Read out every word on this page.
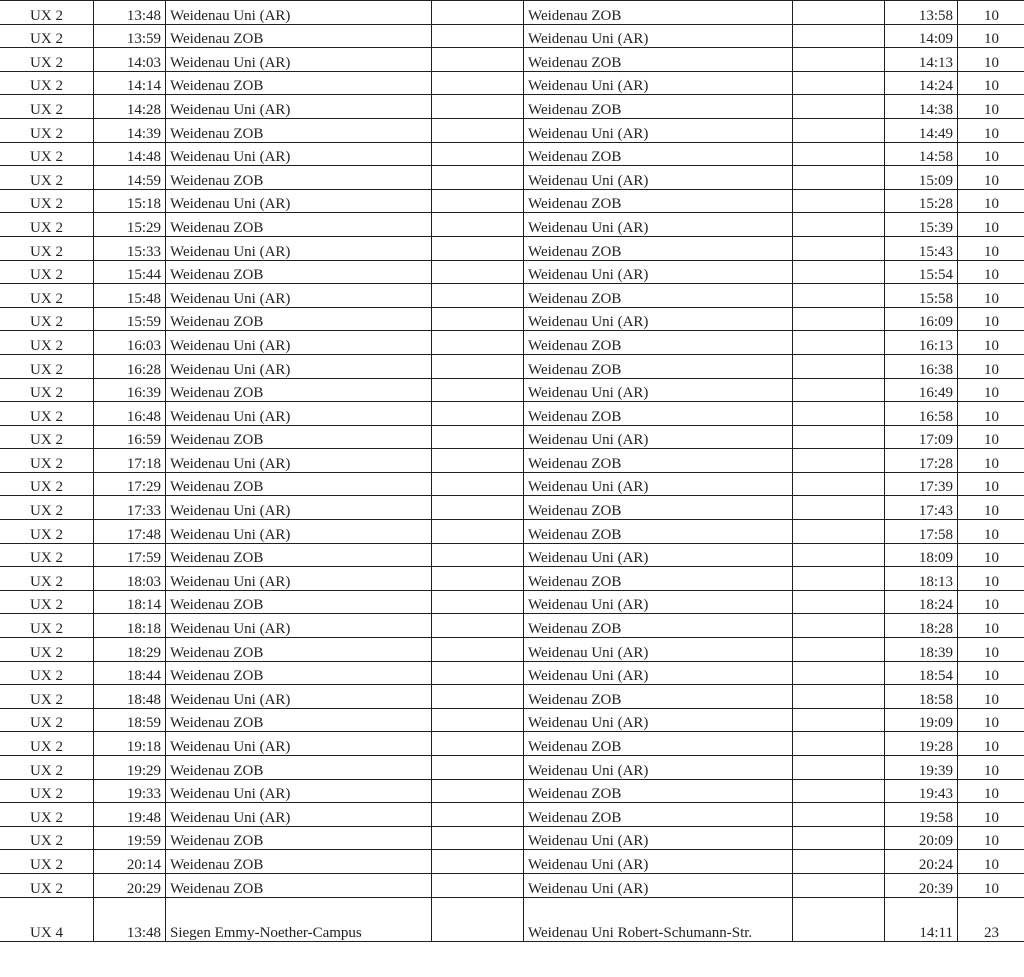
UX 2	13:48	Weidenau Uni (AR)		Weidenau ZOB		13:58	10
UX 2	13:59	Weidenau ZOB		Weidenau Uni (AR)		14:09	10
UX 2	14:03	Weidenau Uni (AR)		Weidenau ZOB		14:13	10
UX 2	14:14	Weidenau ZOB		Weidenau Uni (AR)		14:24	10
UX 2	14:28	Weidenau Uni (AR)		Weidenau ZOB		14:38	10
UX 2	14:39	Weidenau ZOB		Weidenau Uni (AR)		14:49	10
UX 2	14:48	Weidenau Uni (AR)		Weidenau ZOB		14:58	10
UX 2	14:59	Weidenau ZOB		Weidenau Uni (AR)		15:09	10
UX 2	15:18	Weidenau Uni (AR)		Weidenau ZOB		15:28	10
UX 2	15:29	Weidenau ZOB		Weidenau Uni (AR)		15:39	10
UX 2	15:33	Weidenau Uni (AR)		Weidenau ZOB		15:43	10
UX 2	15:44	Weidenau ZOB		Weidenau Uni (AR)		15:54	10
UX 2	15:48	Weidenau Uni (AR)		Weidenau ZOB		15:58	10
UX 2	15:59	Weidenau ZOB		Weidenau Uni (AR)		16:09	10
UX 2	16:03	Weidenau Uni (AR)		Weidenau ZOB		16:13	10
UX 2	16:28	Weidenau Uni (AR)		Weidenau ZOB		16:38	10
UX 2	16:39	Weidenau ZOB		Weidenau Uni (AR)		16:49	10
UX 2	16:48	Weidenau Uni (AR)		Weidenau ZOB		16:58	10
UX 2	16:59	Weidenau ZOB		Weidenau Uni (AR)		17:09	10
UX 2	17:18	Weidenau Uni (AR)		Weidenau ZOB		17:28	10
UX 2	17:29	Weidenau ZOB		Weidenau Uni (AR)		17:39	10
UX 2	17:33	Weidenau Uni (AR)		Weidenau ZOB		17:43	10
UX 2	17:48	Weidenau Uni (AR)		Weidenau ZOB		17:58	10
UX 2	17:59	Weidenau ZOB		Weidenau Uni (AR)		18:09	10
UX 2	18:03	Weidenau Uni (AR)		Weidenau ZOB		18:13	10
UX 2	18:14	Weidenau ZOB		Weidenau Uni (AR)		18:24	10
UX 2	18:18	Weidenau Uni (AR)		Weidenau ZOB		18:28	10
UX 2	18:29	Weidenau ZOB		Weidenau Uni (AR)		18:39	10
UX 2	18:44	Weidenau ZOB		Weidenau Uni (AR)		18:54	10
UX 2	18:48	Weidenau Uni (AR)		Weidenau ZOB		18:58	10
UX 2	18:59	Weidenau ZOB		Weidenau Uni (AR)		19:09	10
UX 2	19:18	Weidenau Uni (AR)		Weidenau ZOB		19:28	10
UX 2	19:29	Weidenau ZOB		Weidenau Uni (AR)		19:39	10
UX 2	19:33	Weidenau Uni (AR)		Weidenau ZOB		19:43	10
UX 2	19:48	Weidenau Uni (AR)		Weidenau ZOB		19:58	10
UX 2	19:59	Weidenau ZOB		Weidenau Uni (AR)		20:09	10
UX 2	20:14	Weidenau ZOB		Weidenau Uni (AR)		20:24	10
UX 2	20:29	Weidenau ZOB		Weidenau Uni (AR)		20:39	10
UX 4	13:48	Siegen Emmy-Noether-Campus		Weidenau Uni Robert-Schumann-Str.		14:11	23
